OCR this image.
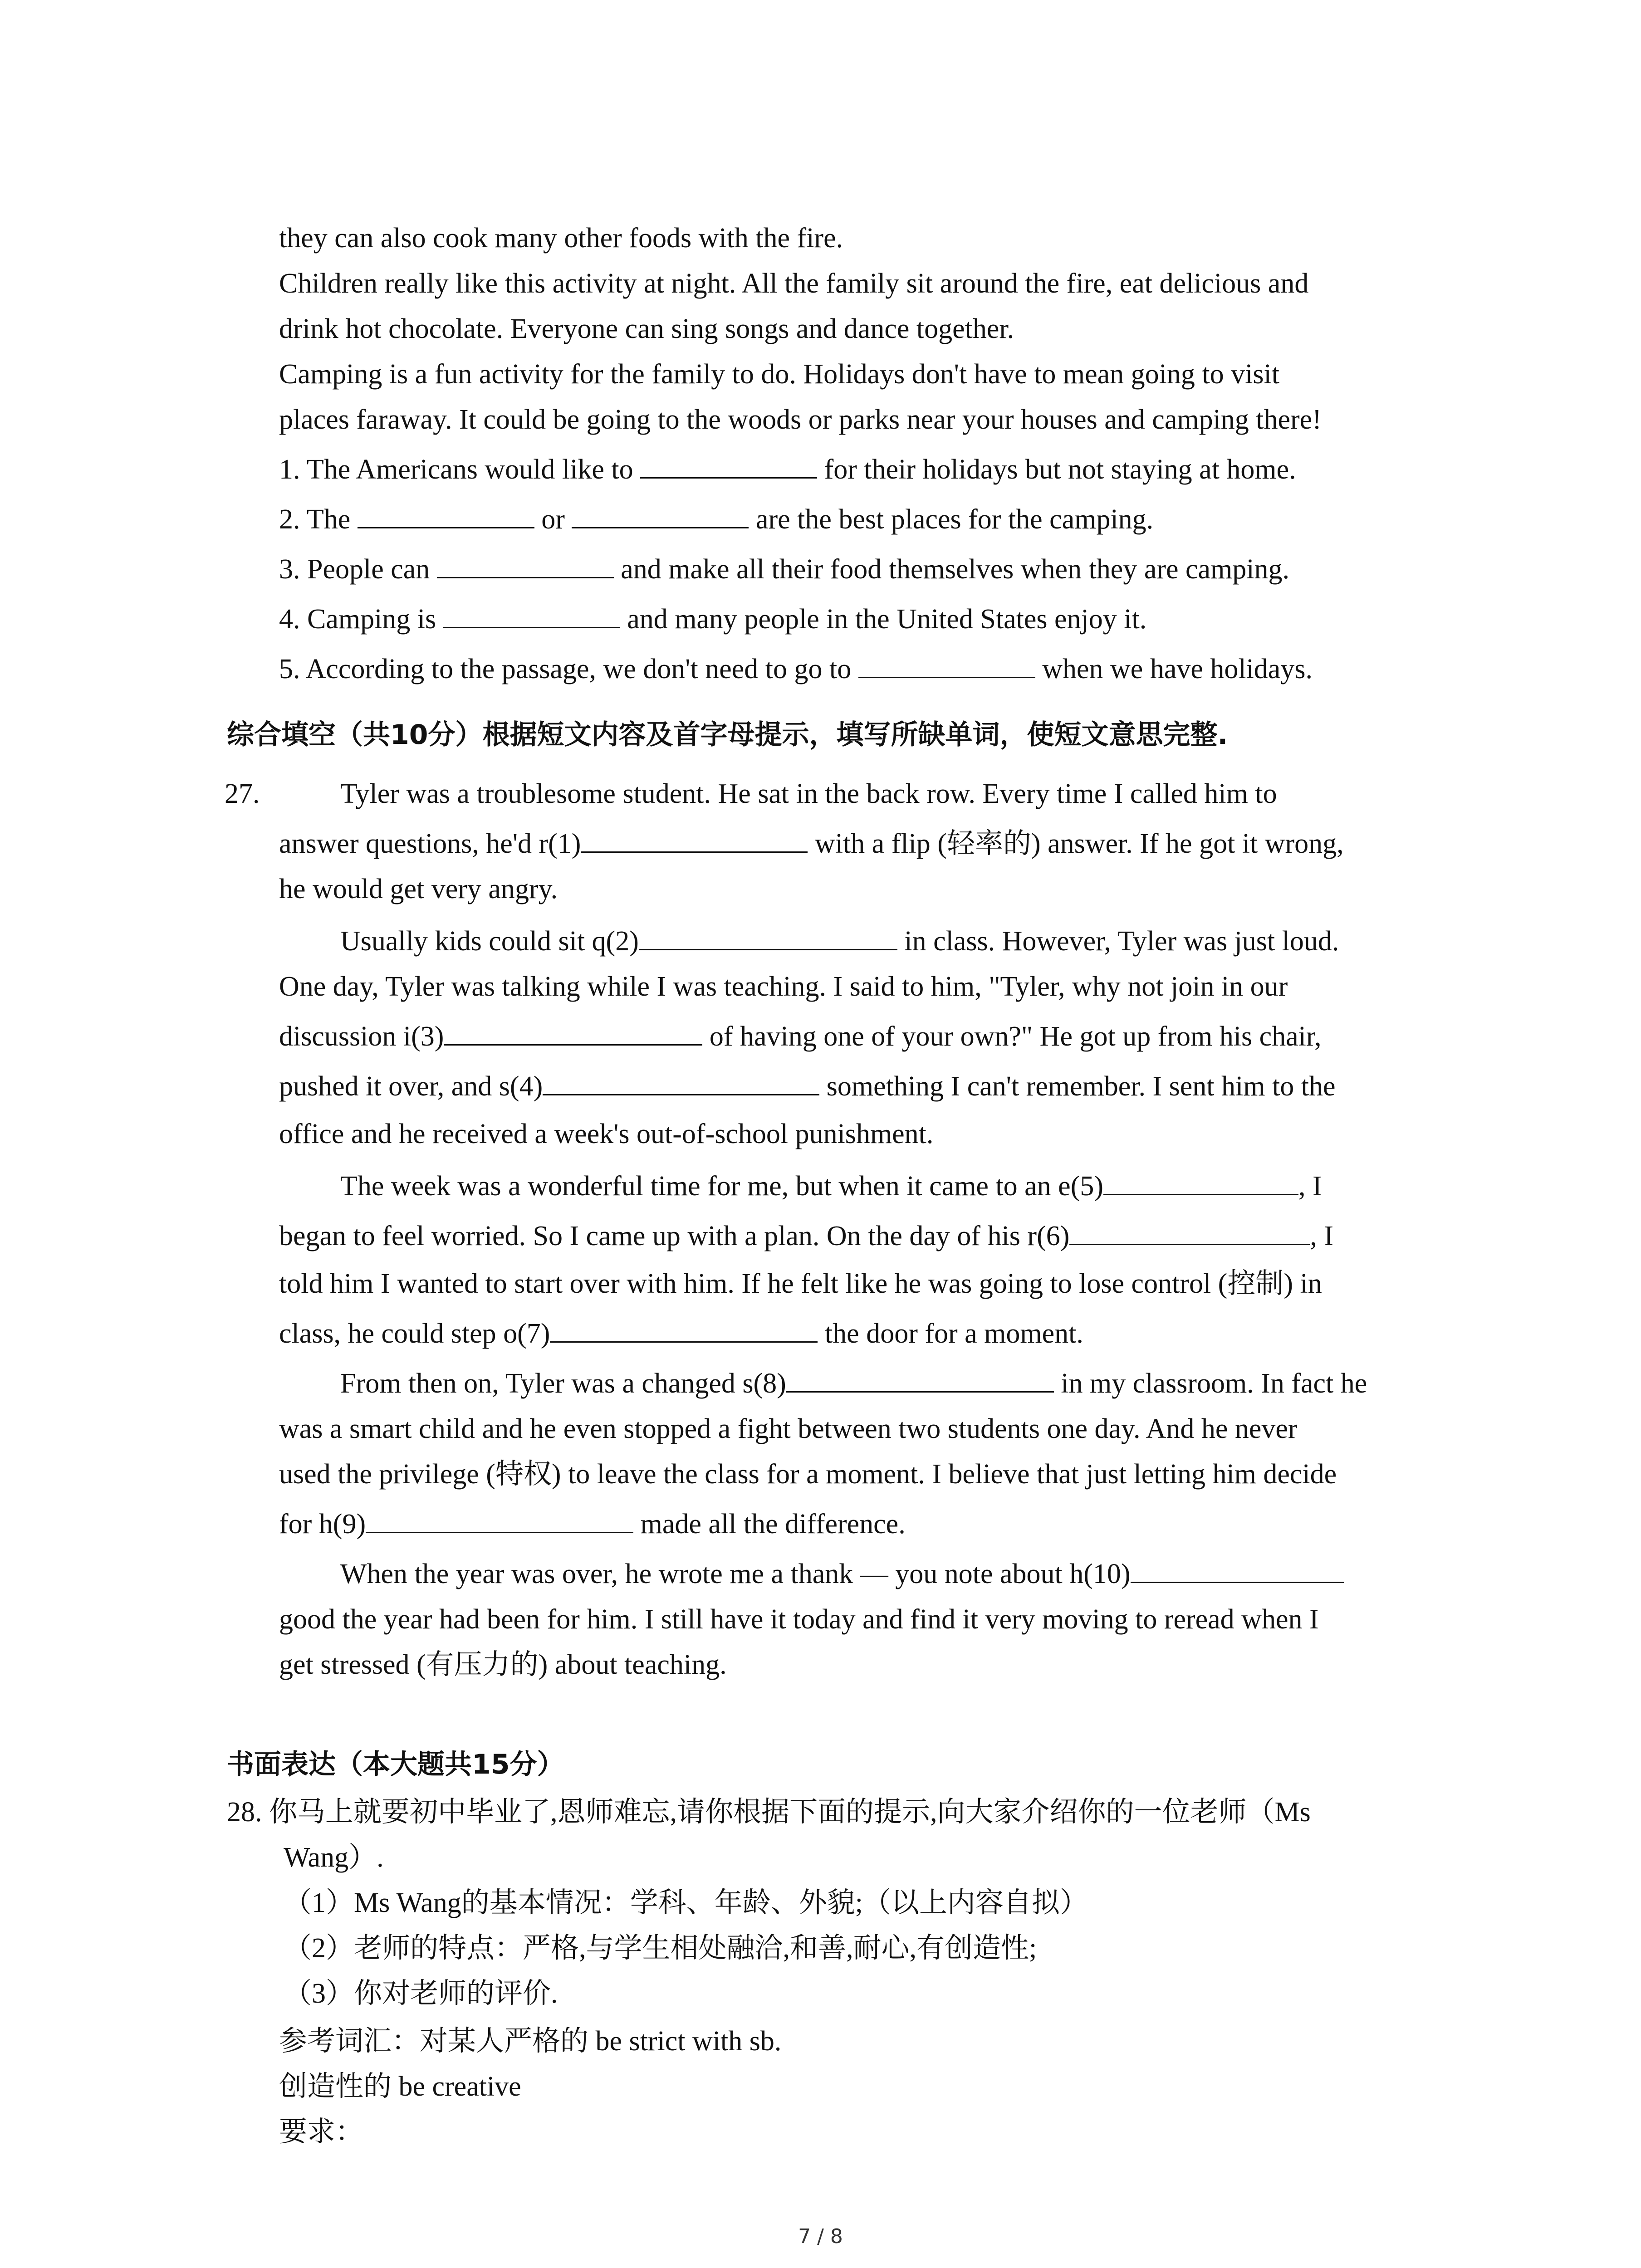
they can also cook many other foods with the fire.
Children really like this activity at night. All the family sit around the fire, eat delicious and
drink hot chocolate. Everyone can sing songs and dance together.
Camping is a fun activity for the family to do. Holidays don't have to mean going to visit
places faraway. It could be going to the woods or parks near your houses and camping there!
1. The Americans would like to	for their holidays but not staying at home.
2. The	or	are the best places for the camping.
3. People can	and make all their food themselves when they are camping.
4. Camping is	and many people in the United States enjoy it.
5. According to the passage, we don't need to go to	when we have holidays.
综合填空（共10分）根据短文内容及首字母提示，填写所缺单词，使短文意思完整.
27.	Tyler was a troublesome student. He sat in the back row. Every time I called him to
answer questions, he'd r(1)	with a flip (轻率的) answer. If he got it wrong,
he would get very angry.
Usually kids could sit q(2)	in class. However, Tyler was just loud.
One day, Tyler was talking while I was teaching. I said to him, "Tyler, why not join in our
discussion i(3)	of having one of your own?" He got up from his chair,
pushed it over, and s(4)	something I can't remember. I sent him to the
office and he received a week's out-of-school punishment.
The week was a wonderful time for me, but when it came to an e(5)	, I
began to feel worried. So I came up with a plan. On the day of his r(6)	, I
told him I wanted to start over with him. If he felt like he was going to lose control (控制) in
class, he could step o(7)	the door for a moment.
From then on, Tyler was a changed s(8)	in my classroom. In fact he
was a smart child and he even stopped a fight between two students one day. And he never
used the privilege (特权) to leave the class for a moment. I believe that just letting him decide
for h(9)	made all the difference.
When the year was over, he wrote me a thank — you note about h(10)
good the year had been for him. I still have it today and find it very moving to reread when I
get stressed (有压力的) about teaching.
书面表达（本大题共15分）
28. 你马上就要初中毕业了,恩师难忘,请你根据下面的提示,向大家介绍你的一位老师（Ms
Wang）.
（1）Ms Wang的基本情况：学科、年龄、外貌;（以上内容自拟）
（2）老师的特点：严格,与学生相处融洽,和善,耐心,有创造性;
（3）你对老师的评价.
参考词汇：对某人严格的 be strict with sb.
创造性的 be creative
要求：
7 / 8
